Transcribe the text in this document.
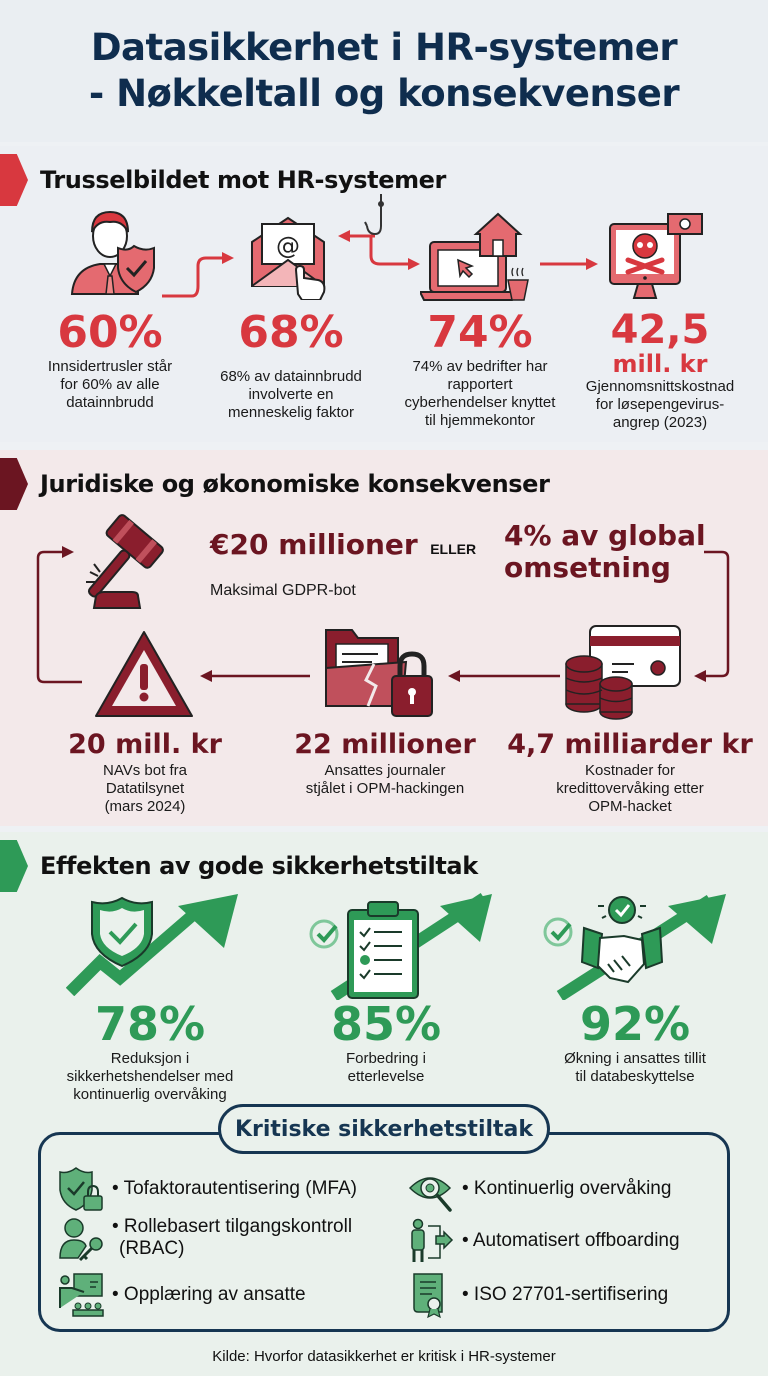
Datasikkerhet i HR-systemer
- Nøkkeltall og konsekvenser
Trusselbildet mot HR-systemer
60%
Innsidertrusler står
for 60% av alle
datainnbrudd
@
68%
68% av datainnbrudd
involverte en
menneskelig faktor
74%
74% av bedrifter har
rapportert
cyberhendelser knyttet
til hjemmekontor
42,5
mill. kr
Gjennomsnittskostnad
for løsepengevirus-
angrep (2023)
Juridiske og økonomiske konsekvenser
€20 millioner ELLER 4% av global
omsetning
Maksimal GDPR-bot
20 mill. kr
NAVs bot fra
Datatilsynet
(mars 2024)
22 millioner
Ansattes journaler
stjålet i OPM-hackingen
4,7 milliarder kr
Kostnader for
kredittovervåking etter
OPM-hacket
Effekten av gode sikkerhetstiltak
78%
Reduksjon i
sikkerhetshendelser med
kontinuerlig overvåking
85%
Forbedring i
etterlevelse
92%
Økning i ansattes tillit
til databeskyttelse
Kritiske sikkerhetstiltak
• Tofaktorautentisering (MFA)
• Rollebasert tilgangskontroll
(RBAC)
• Opplæring av ansatte
• Kontinuerlig overvåking
• Automatisert offboarding
• ISO 27701-sertifisering
Kilde: Hvorfor datasikkerhet er kritisk i HR-systemer
